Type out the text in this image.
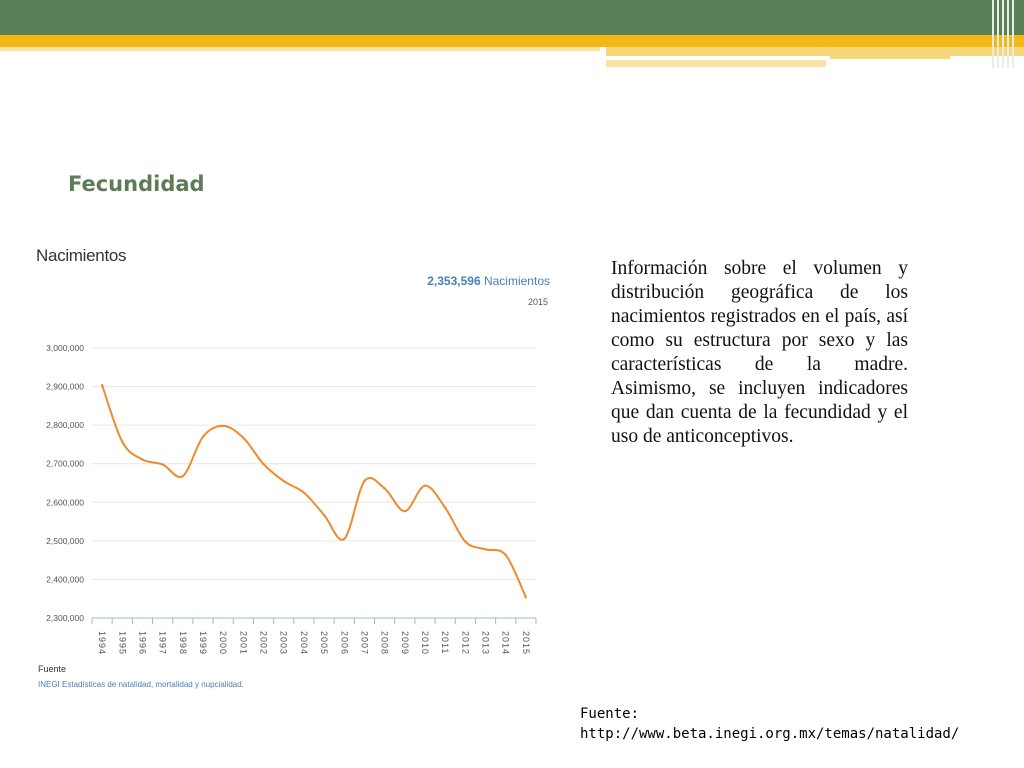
Fecundidad
2,300,000
2,400,000
2,500,000
2,600,000
2,700,000
2,800,000
2,900,000
3,000,000
1994 1995 1996 1997 1998 1999 2000 2001 2002 2003 2004 2005 2006 2007 2008 2009 2010 2011 2012 2013 2014 2015
Nacimientos
2,353,596 Nacimientos
2015
Fuente
INEGI Estadísticas de natalidad, mortalidad y nupcialidad.
Información sobre el volumen y distribución geográfica de los nacimientos registrados en el país, así como su estructura por sexo y las características de la madre. Asimismo, se incluyen indicadores que dan cuenta de la fecundidad y el uso de anticonceptivos.
Fuente:
http://www.beta.inegi.org.mx/temas/natalidad/
